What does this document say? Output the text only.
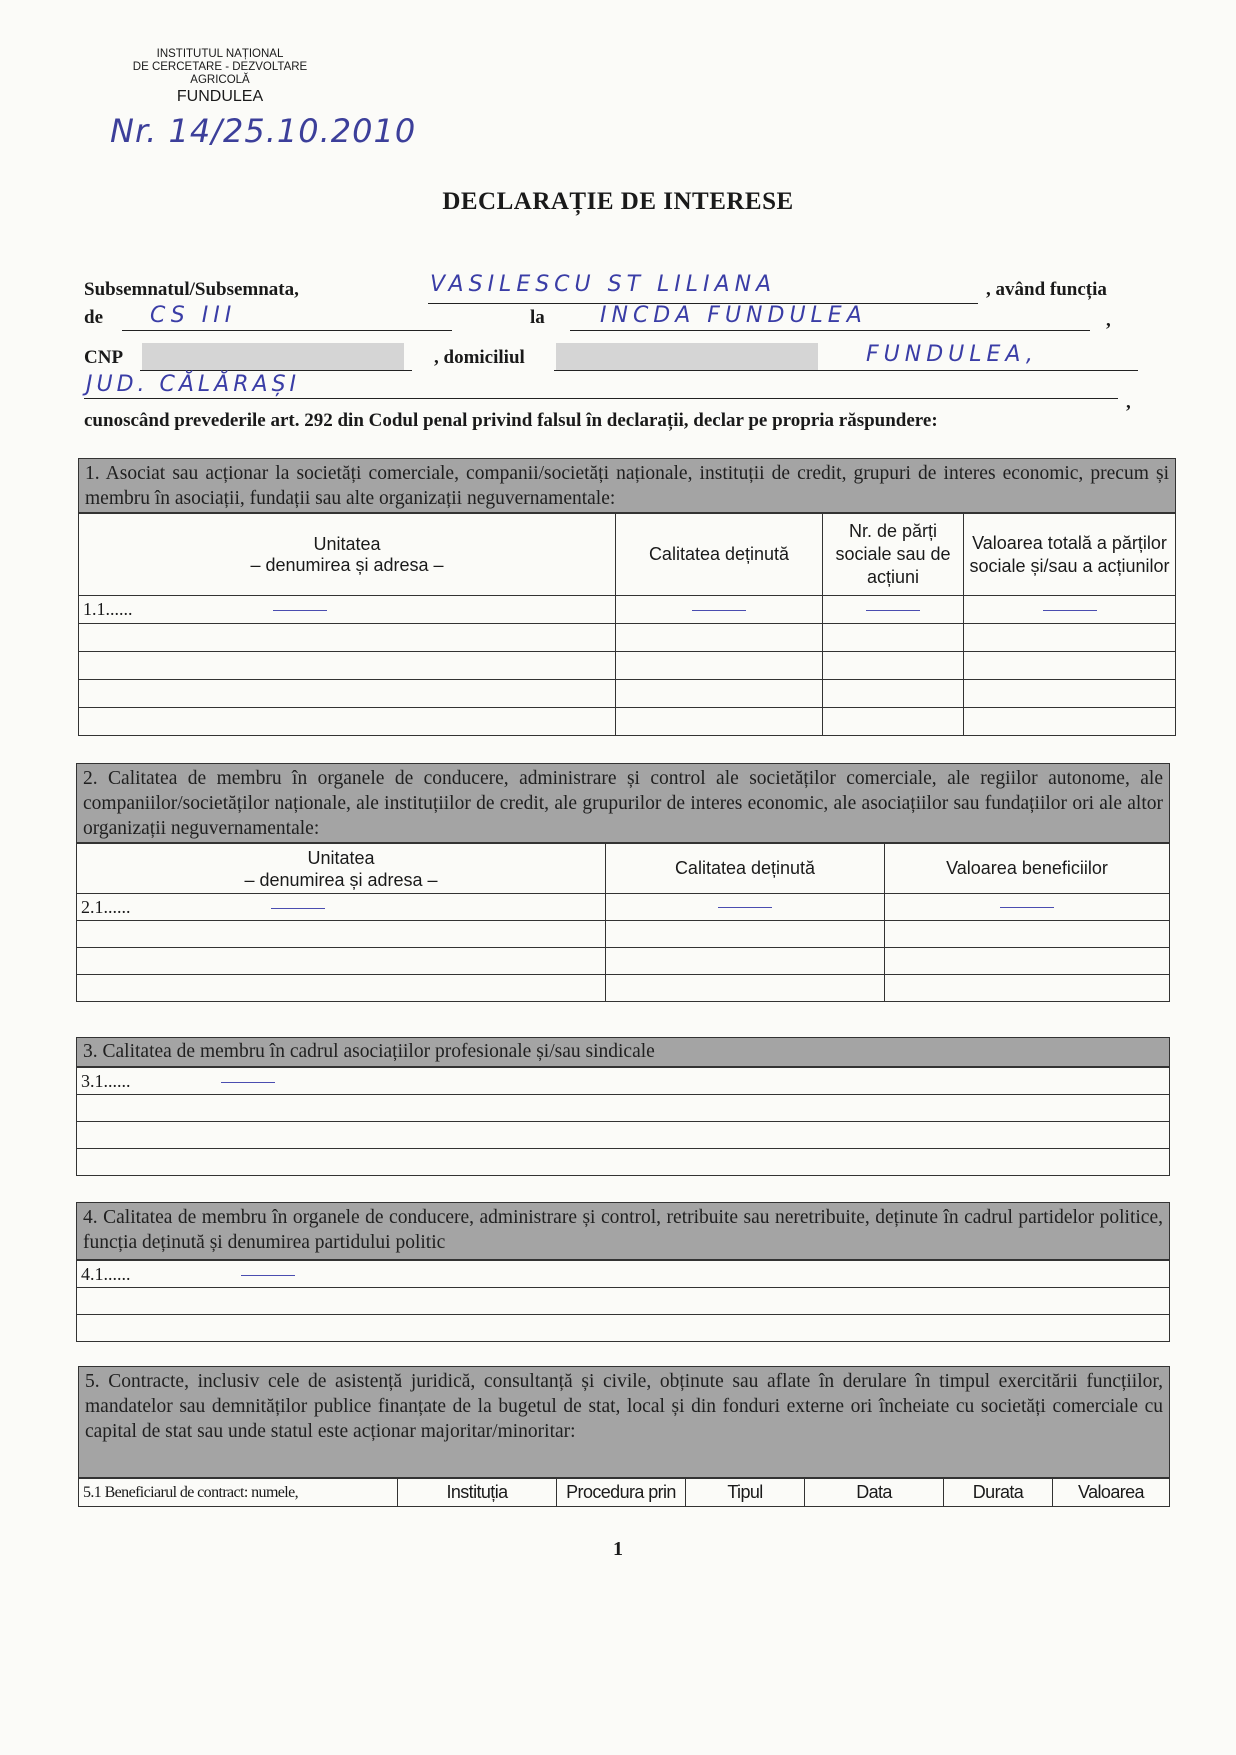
INSTITUTUL NAȚIONAL
DE CERCETARE - DEZVOLTARE
AGRICOLĂ
FUNDULEA
Nr. 14/25.10.2010
DECLARAȚIE DE INTERESE
Subsemnatul/Subsemnata,	VASILESCU ST LILIANA	, având funcția
de CS III	la	INCDA FUNDULEA	,
CNP	, domiciliul	FUNDULEA,
JUD. CĂLĂRAȘI
,
cunoscând prevederile art. 292 din Codul penal privind falsul în declarații, declar pe propria răspundere:
1. Asociat sau acționar la societăți comerciale, companii/societăți naționale, instituții de credit, grupuri de interes economic, precum și membru în asociații, fundații sau alte organizații neguvernamentale:
Unitatea
– denumirea și adresa –	Calitatea deținută	Nr. de părți sociale sau de acțiuni	Valoarea totală a părților sociale și/sau a acțiunilor
1.1......			

2. Calitatea de membru în organele de conducere, administrare și control ale societăților comerciale, ale regiilor autonome, ale companiilor/societăților naționale, ale instituțiilor de credit, ale grupurilor de interes economic, ale asociațiilor sau fundațiilor ori ale altor organizații neguvernamentale:
Unitatea
– denumirea și adresa –	Calitatea deținută	Valoarea beneficiilor
2.1......		

3. Calitatea de membru în cadrul asociațiilor profesionale și/sau sindicale
3.1......

4. Calitatea de membru în organele de conducere, administrare și control, retribuite sau neretribuite, deținute în cadrul partidelor politice, funcția deținută și denumirea partidului politic
4.1......

5. Contracte, inclusiv cele de asistență juridică, consultanță și civile, obținute sau aflate în derulare în timpul exercitării funcțiilor, mandatelor sau demnităților publice finanțate de la bugetul de stat, local și din fonduri externe ori încheiate cu societăți comerciale cu capital de stat sau unde statul este acționar majoritar/minoritar:
5.1 Beneficiarul de contract: numele,	Instituția	Procedura prin	Tipul	Data	Durata	Valoarea
1
